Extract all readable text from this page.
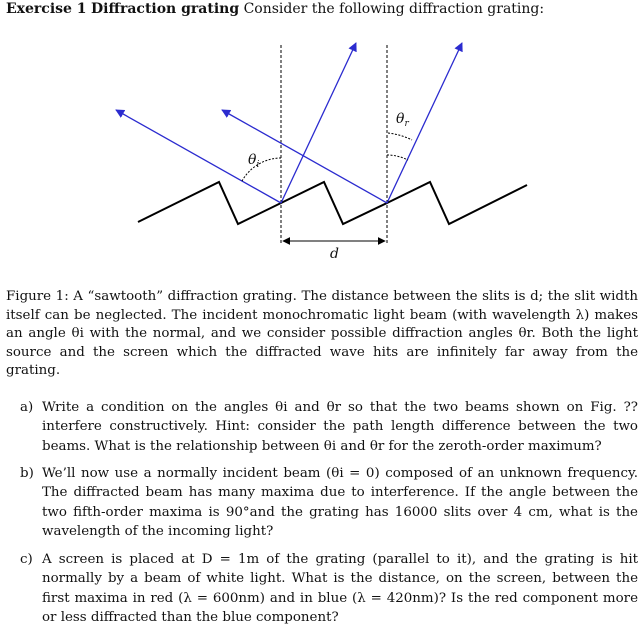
Exercise 1 Diffraction grating Consider the following diffraction grating:
$\theta_i$
$\theta_r$
d
Figure 1: A “sawtooth” diffraction grating. The distance between the slits is d; the slit width itself can be neglected. The incident monochromatic light beam (with wavelength λ) makes an angle θi with the normal, and we consider possible diffraction angles θr. Both the light source and the screen which the diffracted wave hits are infinitely far away from the grating.
a) Write a condition on the angles θi and θr so that the two beams shown on Fig. ?? interfere constructively. Hint: consider the path length difference between the two beams. What is the relationship between θi and θr for the zeroth-order maximum?
b) We’ll now use a normally incident beam (θi = 0) composed of an unknown frequency. The diffracted beam has many maxima due to interference. If the angle between the two fifth-order maxima is 90°and the grating has 16000 slits over 4 cm, what is the wavelength of the incoming light?
c) A screen is placed at D = 1m of the grating (parallel to it), and the grating is hit normally by a beam of white light. What is the distance, on the screen, between the first maxima in red (λ = 600nm) and in blue (λ = 420nm)? Is the red component more or less diffracted than the blue component?
